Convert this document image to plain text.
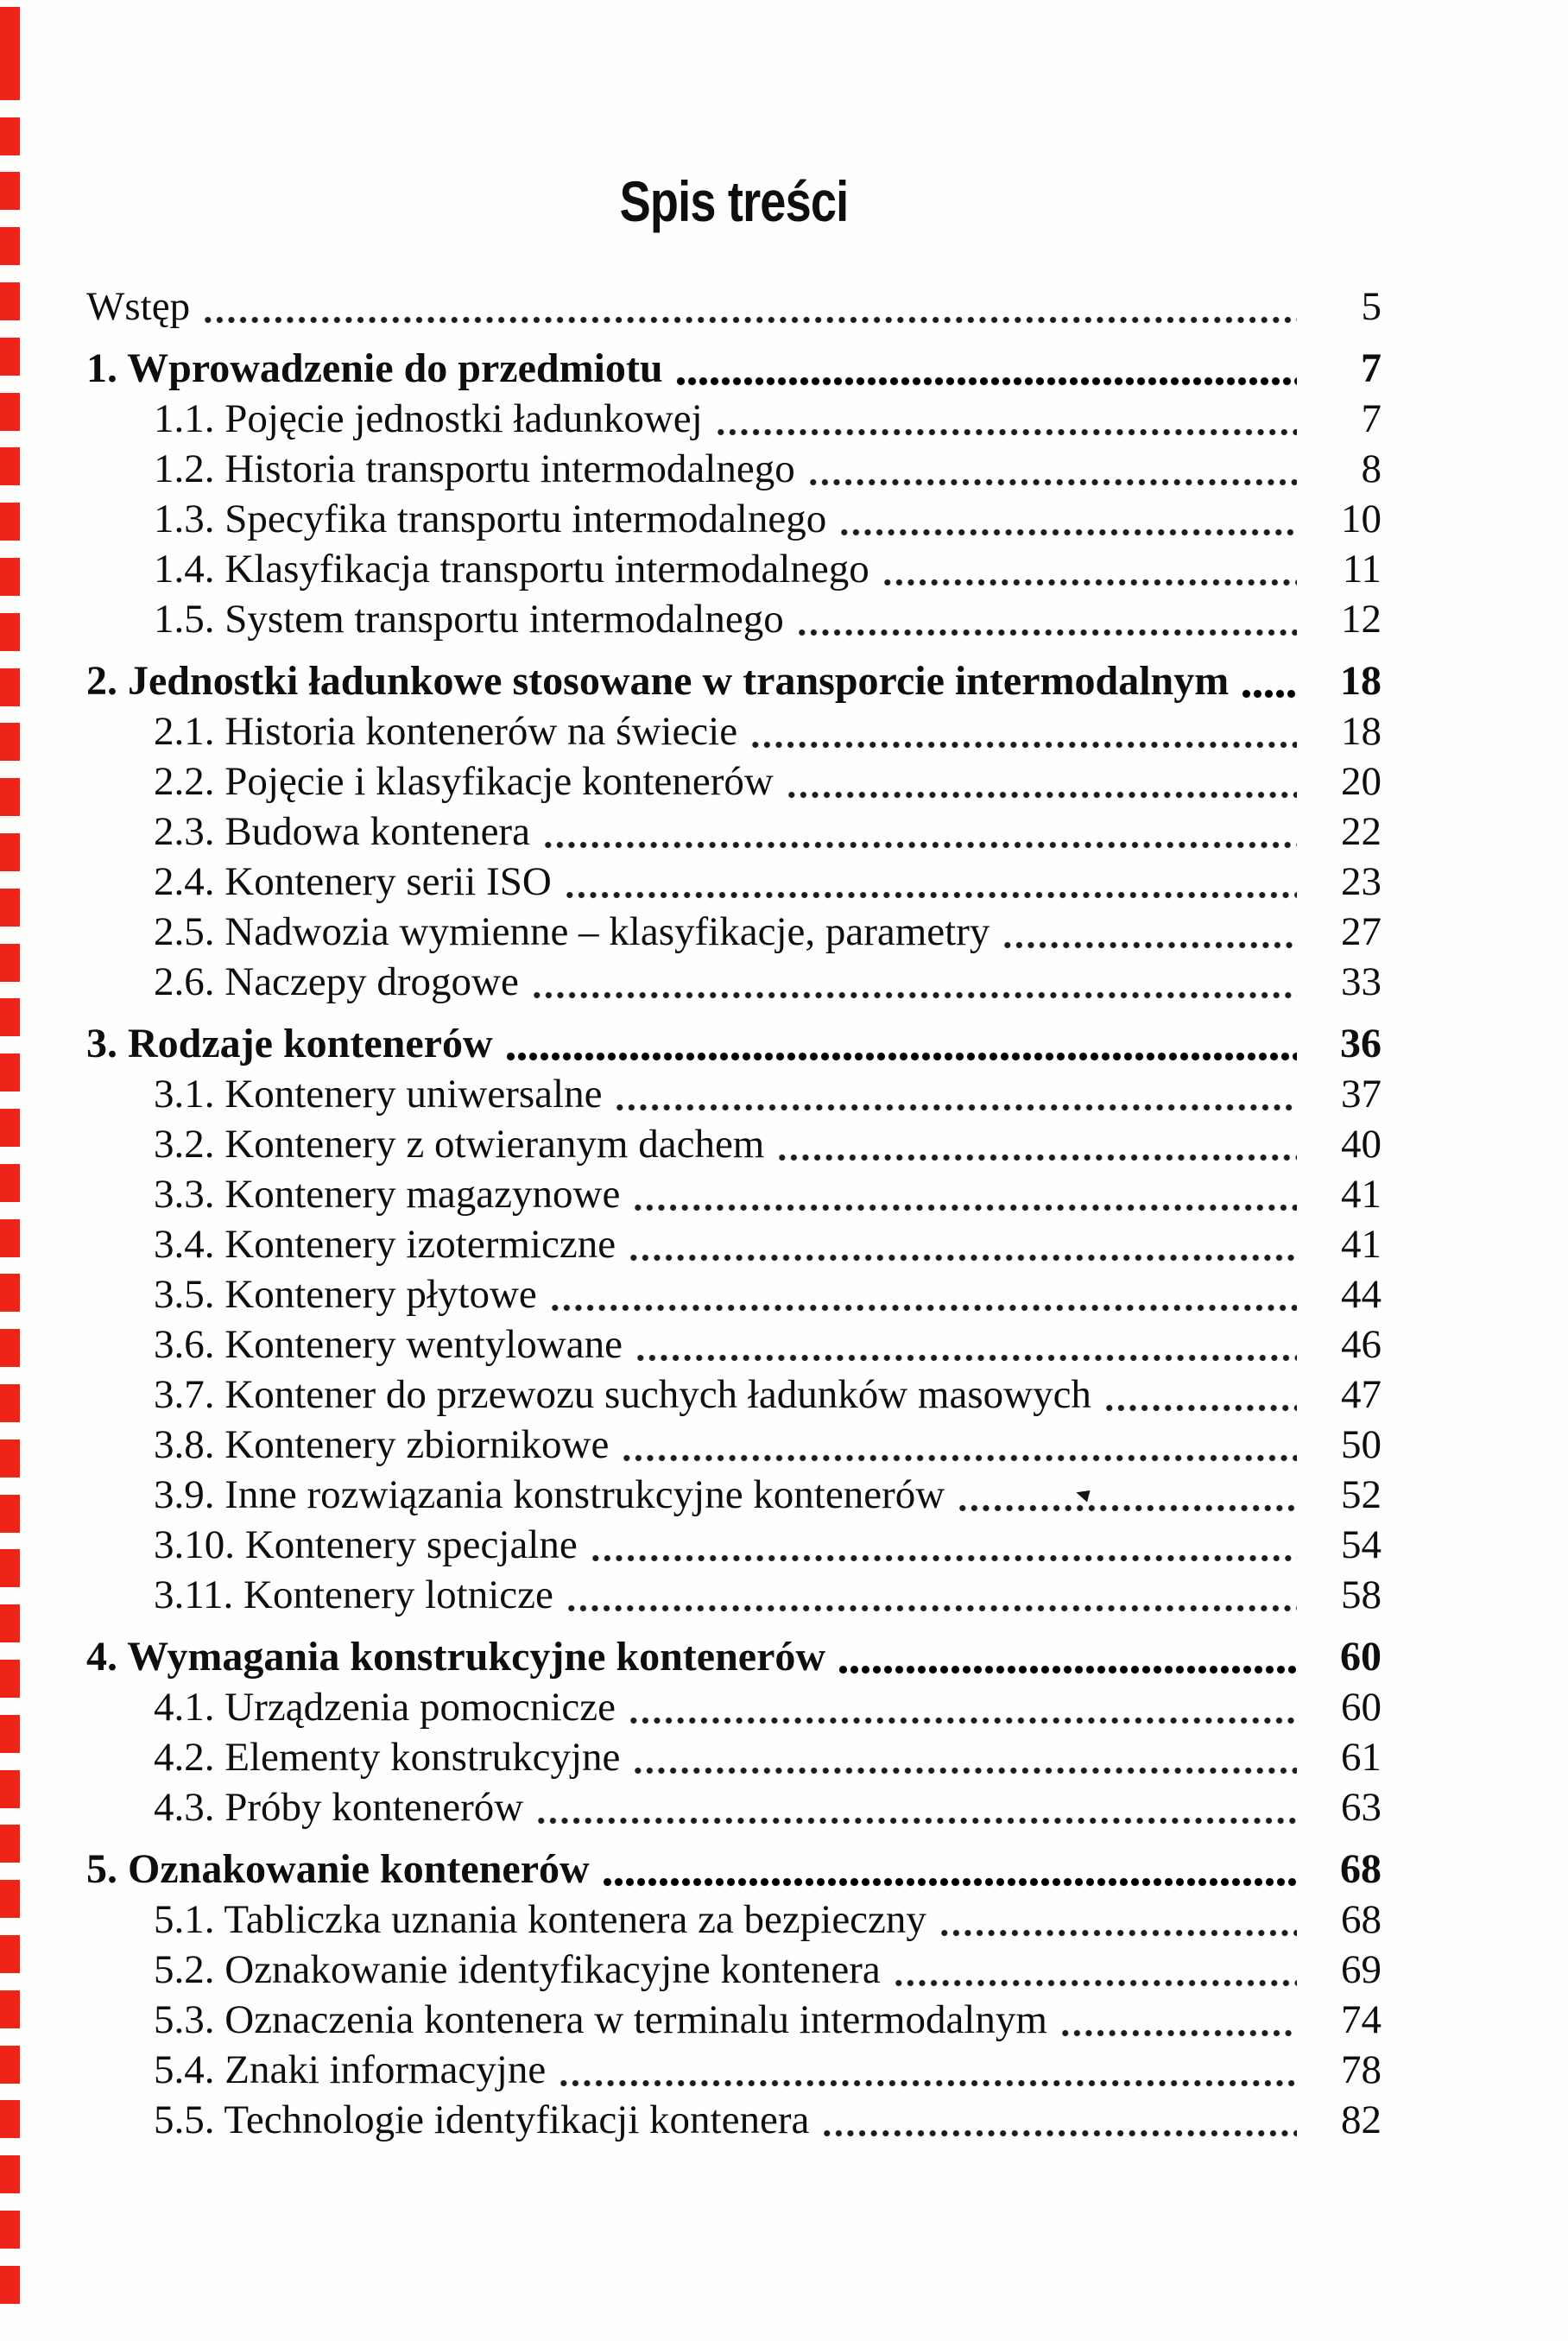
Spis treści
Wstęp	5
1. Wprowadzenie do przedmiotu	7
1.1. Pojęcie jednostki ładunkowej	7
1.2. Historia transportu intermodalnego	8
1.3. Specyfika transportu intermodalnego	10
1.4. Klasyfikacja transportu intermodalnego	11
1.5. System transportu intermodalnego	12
2. Jednostki ładunkowe stosowane w transporcie intermodalnym	18
2.1. Historia kontenerów na świecie	18
2.2. Pojęcie i klasyfikacje kontenerów	20
2.3. Budowa kontenera	22
2.4. Kontenery serii ISO	23
2.5. Nadwozia wymienne – klasyfikacje, parametry	27
2.6. Naczepy drogowe	33
3. Rodzaje kontenerów	36
3.1. Kontenery uniwersalne	37
3.2. Kontenery z otwieranym dachem	40
3.3. Kontenery magazynowe	41
3.4. Kontenery izotermiczne	41
3.5. Kontenery płytowe	44
3.6. Kontenery wentylowane	46
3.7. Kontener do przewozu suchych ładunków masowych	47
3.8. Kontenery zbiornikowe	50
3.9. Inne rozwiązania konstrukcyjne kontenerów	52
3.10. Kontenery specjalne	54
3.11. Kontenery lotnicze	58
4. Wymagania konstrukcyjne kontenerów	60
4.1. Urządzenia pomocnicze	60
4.2. Elementy konstrukcyjne	61
4.3. Próby kontenerów	63
5. Oznakowanie kontenerów	68
5.1. Tabliczka uznania kontenera za bezpieczny	68
5.2. Oznakowanie identyfikacyjne kontenera	69
5.3. Oznaczenia kontenera w terminalu intermodalnym	74
5.4. Znaki informacyjne	78
5.5. Technologie identyfikacji kontenera	82
